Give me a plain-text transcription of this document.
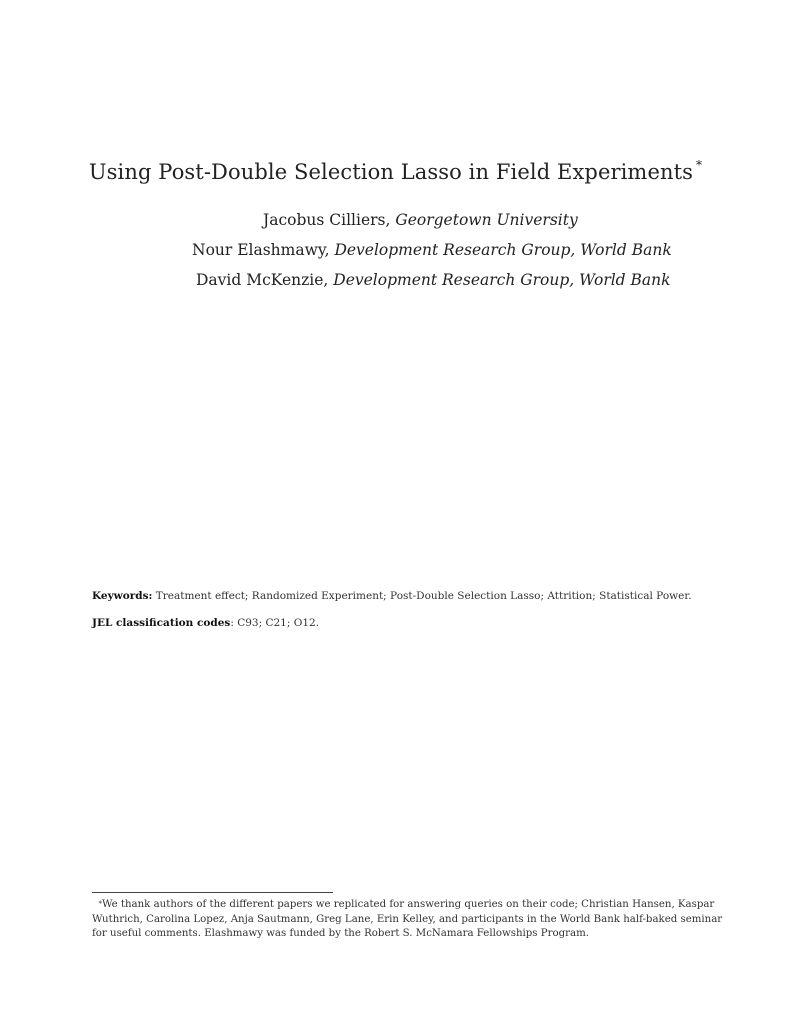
Using Post-Double Selection Lasso in Field Experiments *
Jacobus Cilliers, Georgetown University
Nour Elashmawy, Development Research Group, World Bank
David McKenzie, Development Research Group, World Bank
Keywords: Treatment effect; Randomized Experiment; Post-Double Selection Lasso; Attrition; Statistical Power.
JEL classification codes: C93; C21; O12.
*We thank authors of the different papers we replicated for answering queries on their code; Christian Hansen, Kaspar
Wuthrich, Carolina Lopez, Anja Sautmann, Greg Lane, Erin Kelley, and participants in the World Bank half-baked seminar
for useful comments. Elashmawy was funded by the Robert S. McNamara Fellowships Program.
